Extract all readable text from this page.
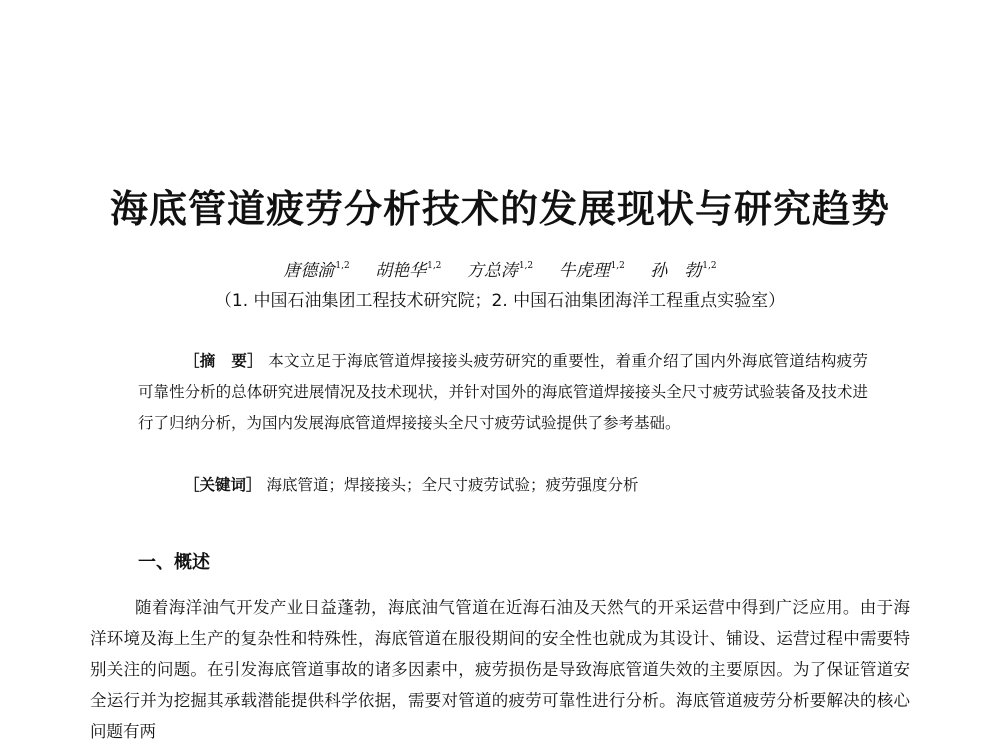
海底管道疲劳分析技术的发展现状与研究趋势
唐德渝$^{1,2}$ 胡艳华$^{1,2}$ 方总涛$^{1,2}$ 牛虎理$^{1,2}$ 孙　勃$^{1,2}$
（1. 中国石油集团工程技术研究院；2. 中国石油集团海洋工程重点实验室）

［摘　要］ 本文立足于海底管道焊接接头疲劳研究的重要性，着重介绍了国内外海底管道结构疲劳可靠性分析的总体研究进展情况及技术现状，并针对国外的海底管道焊接接头全尺寸疲劳试验装备及技术进行了归纳分析，为国内发展海底管道焊接接头全尺寸疲劳试验提供了参考基础。

［关键词］ 海底管道；焊接接头；全尺寸疲劳试验；疲劳强度分析
一、概述

随着海洋油气开发产业日益蓬勃，海底油气管道在近海石油及天然气的开采运营中得到广泛应用。由于海洋环境及海上生产的复杂性和特殊性，海底管道在服役期间的安全性也就成为其设计、铺设、运营过程中需要特别关注的问题。在引发海底管道事故的诸多因素中，疲劳损伤是导致海底管道失效的主要原因。为了保证管道安全运行并为挖掘其承载潜能提供科学依据，需要对管道的疲劳可靠性进行分析。海底管道疲劳分析要解决的核心问题有两
